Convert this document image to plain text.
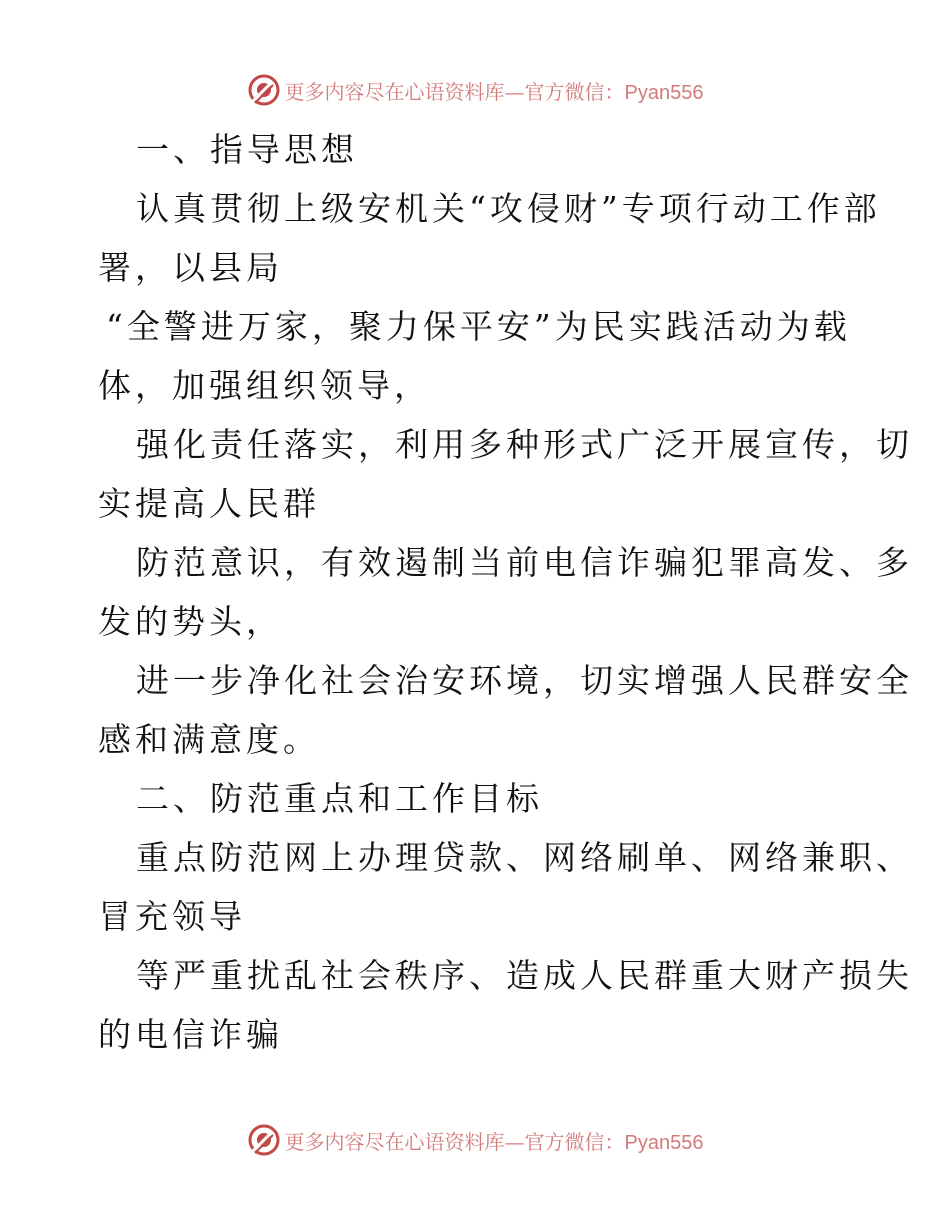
更多内容尽在心语资料库—官方微信：Pyan556
一、指导思想
认真贯彻上级安机关“攻侵财”专项行动工作部
署，以县局
“全警进万家，聚力保平安”为民实践活动为载
体，加强组织领导，
强化责任落实，利用多种形式广泛开展宣传，切
实提高人民群
防范意识，有效遏制当前电信诈骗犯罪高发、多
发的势头，
进一步净化社会治安环境，切实增强人民群安全
感和满意度。
二、防范重点和工作目标
重点防范网上办理贷款、网络刷单、网络兼职、
冒充领导
等严重扰乱社会秩序、造成人民群重大财产损失
的电信诈骗
更多内容尽在心语资料库—官方微信：Pyan556
